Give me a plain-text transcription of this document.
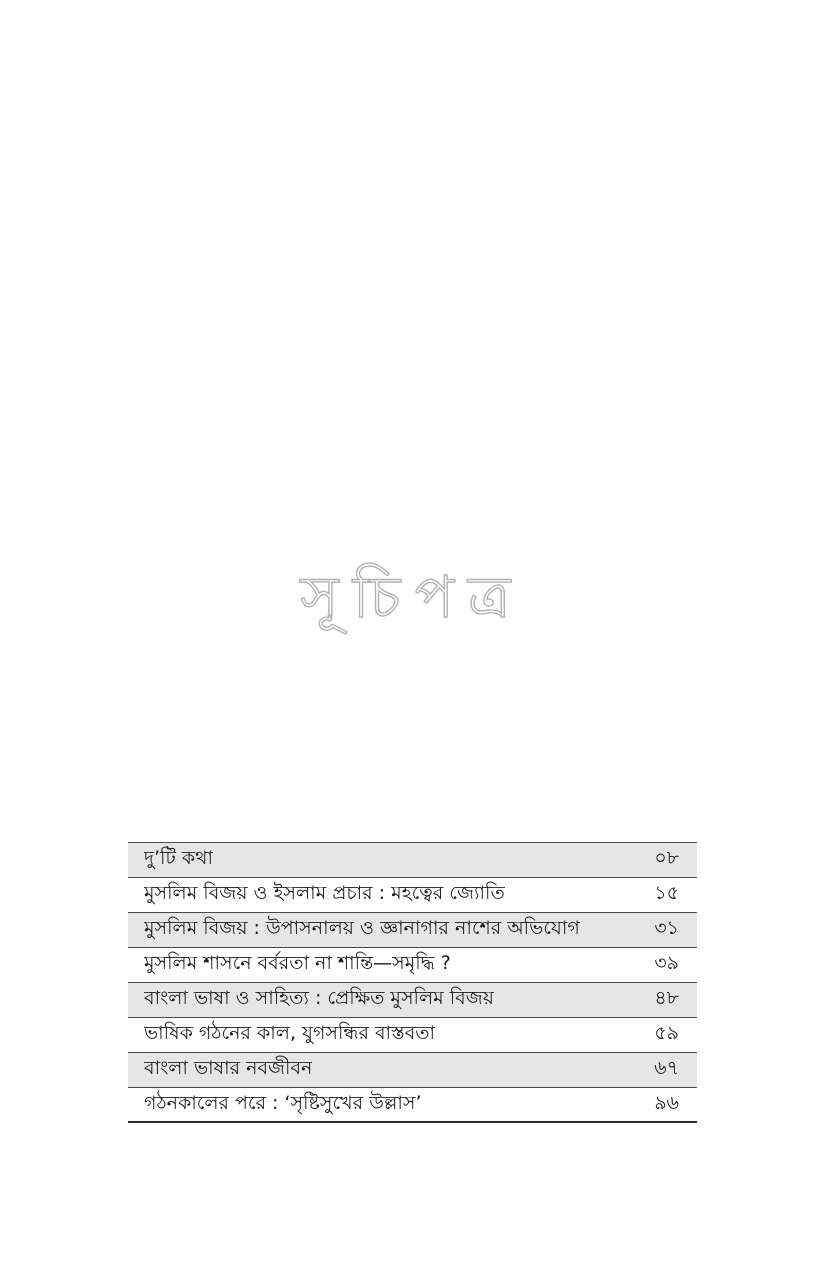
সূচিপত্র
দু’টি কথা	০৮
মুসলিম বিজয় ও ইসলাম প্রচার : মহত্বের জ্যোতি	১৫
মুসলিম বিজয় : উপাসনালয় ও জ্ঞানাগার নাশের অভিযোগ	৩১
মুসলিম শাসনে বর্বরতা না শান্তি—সমৃদ্ধি ?	৩৯
বাংলা ভাষা ও সাহিত্য : প্রেক্ষিত মুসলিম বিজয়	৪৮
ভাষিক গঠনের কাল, যুগসন্ধির বাস্তবতা	৫৯
বাংলা ভাষার নবজীবন	৬৭
গঠনকালের পরে : ‘সৃষ্টিসুখের উল্লাস’	৯৬
